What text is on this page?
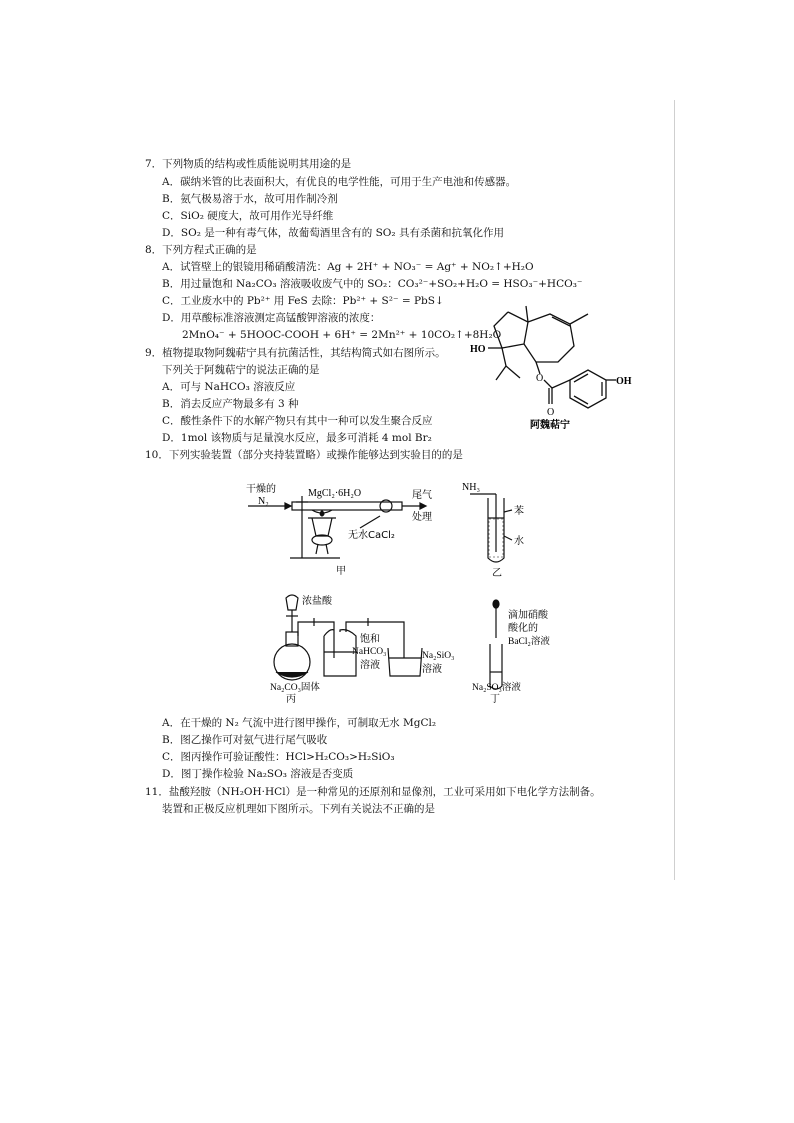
7．下列物质的结构或性质能说明其用途的是
A．碳纳米管的比表面积大，有优良的电学性能，可用于生产电池和传感器。
B．氨气极易溶于水，故可用作制冷剂
C．SiO₂ 硬度大，故可用作光导纤维
D．SO₂ 是一种有毒气体，故葡萄酒里含有的 SO₂ 具有杀菌和抗氧化作用
8．下列方程式正确的是
A．试管壁上的银镜用稀硝酸清洗：Ag + 2H⁺ + NO₃⁻ = Ag⁺ + NO₂↑+H₂O
B．用过量饱和 Na₂CO₃ 溶液吸收废气中的 SO₂：CO₃²⁻+SO₂+H₂O = HSO₃⁻+HCO₃⁻
C．工业废水中的 Pb²⁺ 用 FeS 去除：Pb²⁺ + S²⁻ = PbS↓
D．用草酸标准溶液测定高锰酸钾溶液的浓度：
2MnO₄⁻ + 5HOOC-COOH + 6H⁺ = 2Mn²⁺ + 10CO₂↑+8H₂O
9．植物提取物阿魏萜宁具有抗菌活性，其结构简式如右图所示。
下列关于阿魏萜宁的说法正确的是
A．可与 NaHCO₃ 溶液反应
B．消去反应产物最多有 3 种
C．酸性条件下的水解产物只有其中一种可以发生聚合反应
D．1mol 该物质与足量溴水反应，最多可消耗 4 mol Br₂
HO
O
O
OH
阿魏萜宁
10．下列实验装置（部分夹持装置略）或操作能够达到实验目的的是
干燥的
N₂
MgCl₂·6H₂O	尾气
处理
无水CaCl₂
甲
NH₃
苯
水
乙
浓盐酸
饱和
NaHCO₃
溶液
Na₂SiO₃
溶液
Na₂CO₃固体
丙
滴加硝酸
酸化的
BaCl₂溶液
Na₂SO₃溶液
丁
A．在干燥的 N₂ 气流中进行图甲操作，可制取无水 MgCl₂
B．图乙操作可对氨气进行尾气吸收
C．图丙操作可验证酸性：HCl>H₂CO₃>H₂SiO₃
D．图丁操作检验 Na₂SO₃ 溶液是否变质
11．盐酸羟胺（NH₂OH·HCl）是一种常见的还原剂和显像剂，工业可采用如下电化学方法制备。
装置和正极反应机理如下图所示。下列有关说法不正确的是
